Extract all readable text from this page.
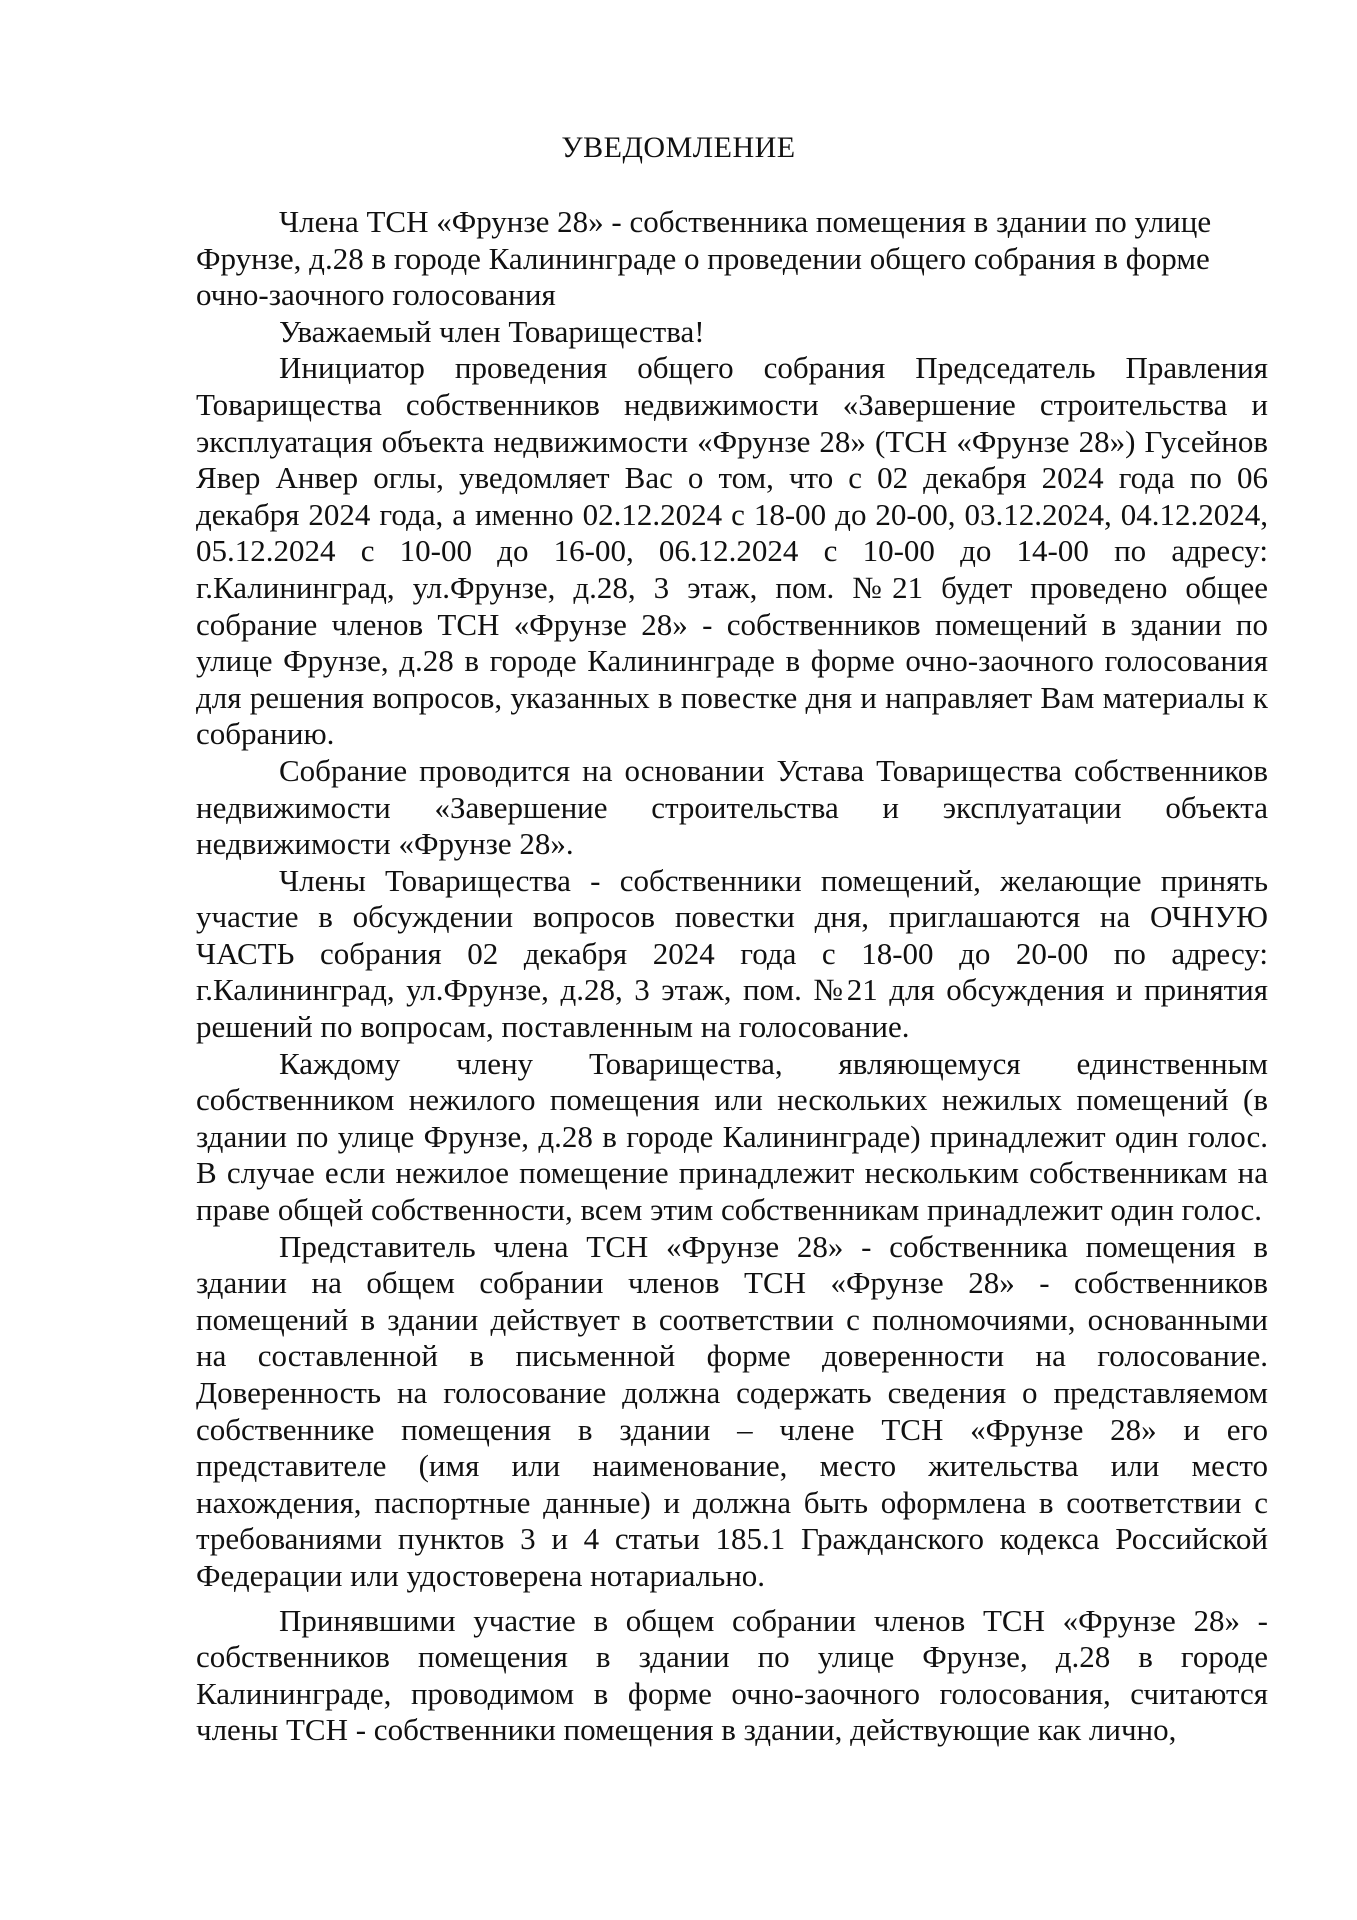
УВЕДОМЛЕНИЕ

Члена ТСН «Фрунзе 28» - собственника помещения в здании по улице Фрунзе, д.28 в городе Калининграде о проведении общего собрания в форме очно-заочного голосования

Уважаемый член Товарищества!

Инициатор проведения общего собрания Председатель Правления Товарищества собственников недвижимости «Завершение строительства и эксплуатация объекта недвижимости «Фрунзе 28» (ТСН «Фрунзе 28») Гусейнов Явер Анвер оглы, уведомляет Вас о том, что с 02 декабря 2024 года по 06 декабря 2024 года, а именно 02.12.2024 с 18-00 до 20-00, 03.12.2024, 04.12.2024, 05.12.2024 с 10-00 до 16-00, 06.12.2024 с 10-00 до 14-00 по адресу: г.Калининград, ул.Фрунзе, д.28, 3 этаж, пом. №21 будет проведено общее собрание членов ТСН «Фрунзе 28» - собственников помещений в здании по улице Фрунзе, д.28 в городе Калининграде в форме очно-заочного голосования для решения вопросов, указанных в повестке дня и направляет Вам материалы к собранию.

Собрание проводится на основании Устава Товарищества собственников недвижимости «Завершение строительства и эксплуатации объекта недвижимости «Фрунзе 28».

Члены Товарищества - собственники помещений, желающие принять участие в обсуждении вопросов повестки дня, приглашаются на ОЧНУЮ ЧАСТЬ собрания 02 декабря 2024 года с 18-00 до 20-00 по адресу: г.Калининград, ул.Фрунзе, д.28, 3 этаж, пом. №21 для обсуждения и принятия решений по вопросам, поставленным на голосование.

Каждому члену Товарищества, являющемуся единственным собственником нежилого помещения или нескольких нежилых помещений (в здании по улице Фрунзе, д.28 в городе Калининграде) принадлежит один голос. В случае если нежилое помещение принадлежит нескольким собственникам на праве общей собственности, всем этим собственникам принадлежит один голос.

Представитель члена ТСН «Фрунзе 28» - собственника помещения в здании на общем собрании членов ТСН «Фрунзе 28» - собственников помещений в здании действует в соответствии с полномочиями, основанными на составленной в письменной форме доверенности на голосование. Доверенность на голосование должна содержать сведения о представляемом собственнике помещения в здании – члене ТСН «Фрунзе 28» и его представителе (имя или наименование, место жительства или место нахождения, паспортные данные) и должна быть оформлена в соответствии с требованиями пунктов 3 и 4 статьи 185.1 Гражданского кодекса Российской Федерации или удостоверена нотариально.

Принявшими участие в общем собрании членов ТСН «Фрунзе 28» - собственников помещения в здании по улице Фрунзе, д.28 в городе Калининграде, проводимом в форме очно-заочного голосования, считаются члены ТСН - собственники помещения в здании, действующие как лично,
